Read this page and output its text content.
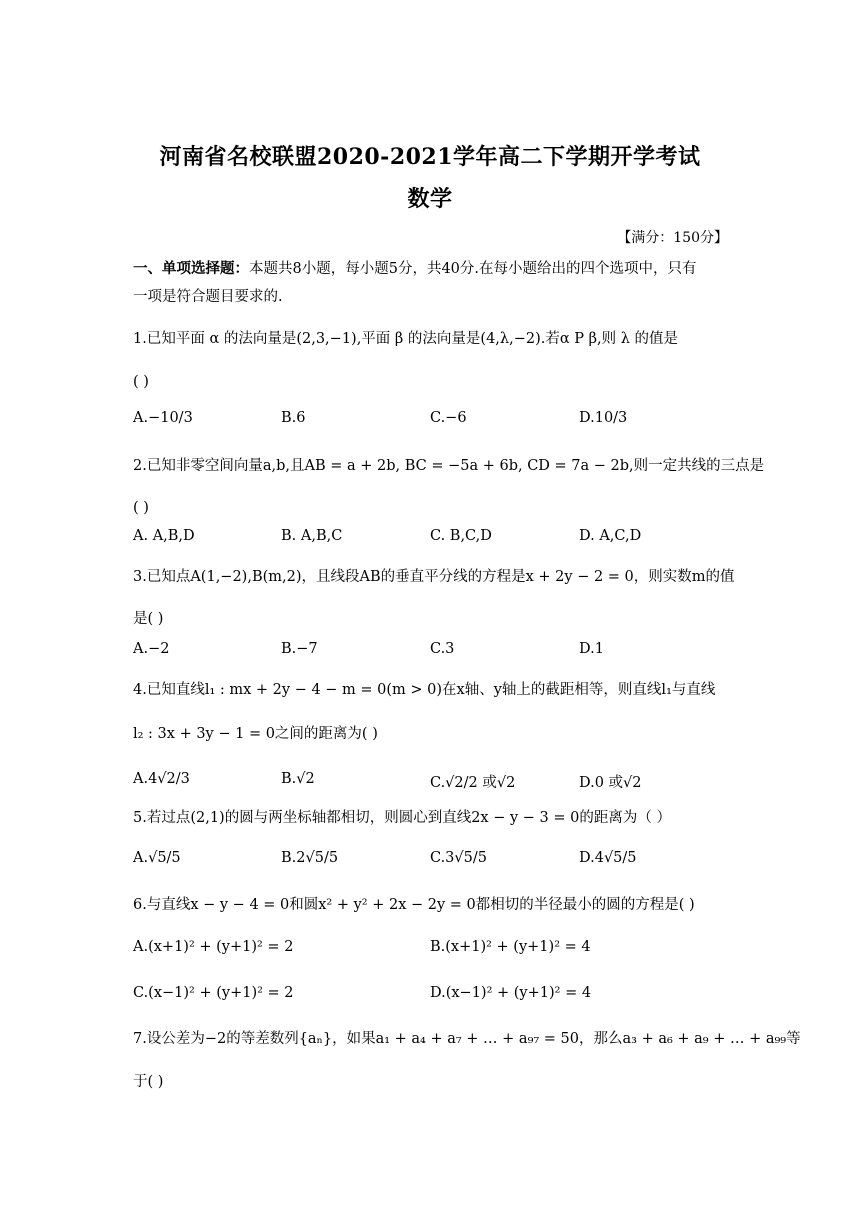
河南省名校联盟2020-2021学年高二下学期开学考试
数学
【满分：150分】
一、单项选择题：本题共8小题，每小题5分，共40分.在每小题给出的四个选项中，只有
一项是符合题目要求的.
1.已知平面 α 的法向量是(2,3,−1),平面 β 的法向量是(4,λ,−2).若α P β,则 λ 的值是
( )
A.−10/3	B.6	C.−6	D.10/3
2.已知非零空间向量a,b,且AB = a + 2b, BC = −5a + 6b, CD = 7a − 2b,则一定共线的三点是
( )
A. A,B,D	B. A,B,C	C. B,C,D	D. A,C,D
3.已知点A(1,−2),B(m,2)，且线段AB的垂直平分线的方程是x + 2y − 2 = 0，则实数m的值
是( )
A.−2	B.−7	C.3	D.1
4.已知直线l₁ : mx + 2y − 4 − m = 0(m > 0)在x轴、y轴上的截距相等，则直线l₁与直线
l₂ : 3x + 3y − 1 = 0之间的距离为( )
A.4√2/3	B.√2	C.√2/2 或√2	D.0 或√2
5.若过点(2,1)的圆与两坐标轴都相切，则圆心到直线2x − y − 3 = 0的距离为（ ）
A.√5/5	B.2√5/5	C.3√5/5	D.4√5/5
6.与直线x − y − 4 = 0和圆x² + y² + 2x − 2y = 0都相切的半径最小的圆的方程是( )
A.(x+1)² + (y+1)² = 2	B.(x+1)² + (y+1)² = 4
C.(x−1)² + (y+1)² = 2	D.(x−1)² + (y+1)² = 4
7.设公差为−2的等差数列{aₙ}，如果a₁ + a₄ + a₇ + … + a₉₇ = 50，那么a₃ + a₆ + a₉ + … + a₉₉等
于( )
